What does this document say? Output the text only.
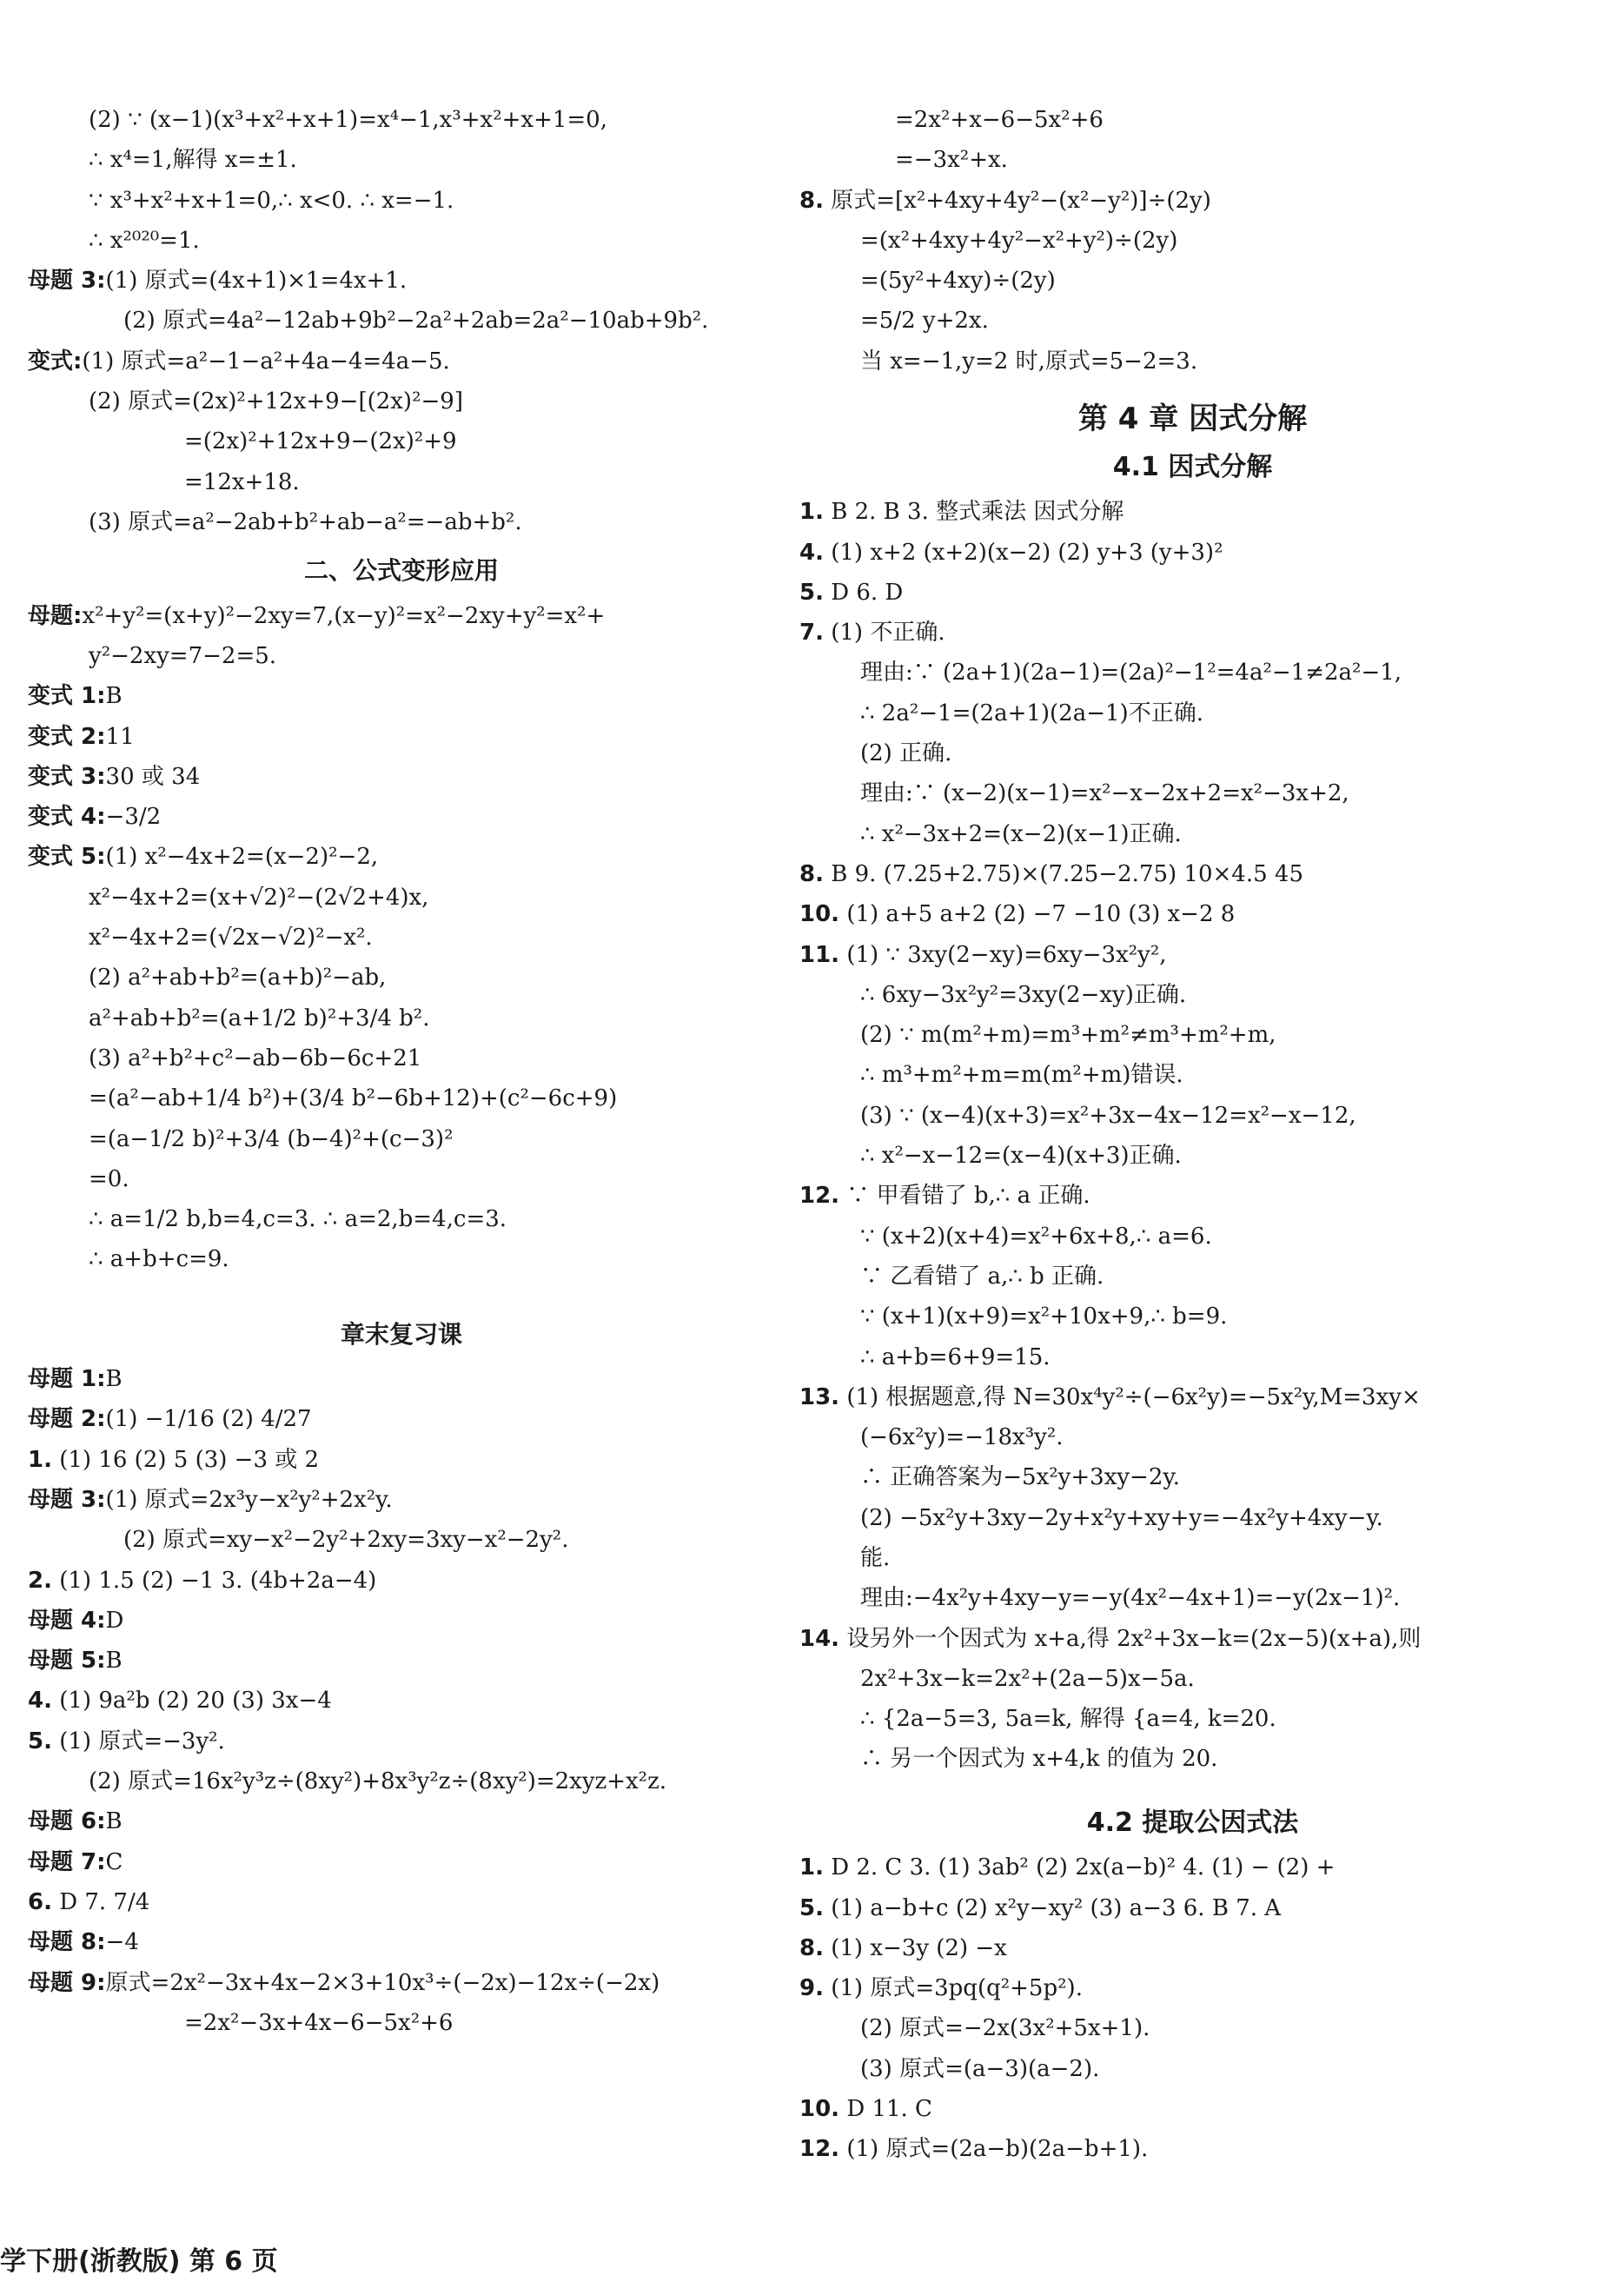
(2) ∵ (x−1)(x³+x²+x+1)=x⁴−1,x³+x²+x+1=0,
∴ x⁴=1,解得 x=±1.
∵ x³+x²+x+1=0,∴ x<0. ∴ x=−1.
∴ x²⁰²⁰=1.
母题 3:(1) 原式=(4x+1)×1=4x+1.
(2) 原式=4a²−12ab+9b²−2a²+2ab=2a²−10ab+9b².
变式:(1) 原式=a²−1−a²+4a−4=4a−5.
(2) 原式=(2x)²+12x+9−[(2x)²−9]
=(2x)²+12x+9−(2x)²+9
=12x+18.
(3) 原式=a²−2ab+b²+ab−a²=−ab+b².
二、公式变形应用
母题:x²+y²=(x+y)²−2xy=7,(x−y)²=x²−2xy+y²=x²+
y²−2xy=7−2=5.
变式 1:B
变式 2:11
变式 3:30 或 34
变式 4:−3/2
变式 5:(1) x²−4x+2=(x−2)²−2,
x²−4x+2=(x+√2)²−(2√2+4)x,
x²−4x+2=(√2x−√2)²−x².
(2) a²+ab+b²=(a+b)²−ab,
a²+ab+b²=(a+1/2 b)²+3/4 b².
(3) a²+b²+c²−ab−6b−6c+21
=(a²−ab+1/4 b²)+(3/4 b²−6b+12)+(c²−6c+9)
=(a−1/2 b)²+3/4 (b−4)²+(c−3)²
=0.
∴ a=1/2 b,b=4,c=3. ∴ a=2,b=4,c=3.
∴ a+b+c=9.
章末复习课
母题 1:B
母题 2:(1) −1/16 (2) 4/27
1. (1) 16 (2) 5 (3) −3 或 2
母题 3:(1) 原式=2x³y−x²y²+2x²y.
(2) 原式=xy−x²−2y²+2xy=3xy−x²−2y².
2. (1) 1.5 (2) −1 3. (4b+2a−4)
母题 4:D
母题 5:B
4. (1) 9a²b (2) 20 (3) 3x−4
5. (1) 原式=−3y².
(2) 原式=16x²y³z÷(8xy²)+8x³y²z÷(8xy²)=2xyz+x²z.
母题 6:B
母题 7:C
6. D 7. 7/4
母题 8:−4
母题 9:原式=2x²−3x+4x−2×3+10x³÷(−2x)−12x÷(−2x)
=2x²−3x+4x−6−5x²+6
=2x²+x−6−5x²+6
=−3x²+x.
8. 原式=[x²+4xy+4y²−(x²−y²)]÷(2y)
=(x²+4xy+4y²−x²+y²)÷(2y)
=(5y²+4xy)÷(2y)
=5/2 y+2x.
当 x=−1,y=2 时,原式=5−2=3.
第 4 章 因式分解
4.1 因式分解
1. B 2. B 3. 整式乘法 因式分解
4. (1) x+2 (x+2)(x−2) (2) y+3 (y+3)²
5. D 6. D
7. (1) 不正确.
理由:∵ (2a+1)(2a−1)=(2a)²−1²=4a²−1≠2a²−1,
∴ 2a²−1=(2a+1)(2a−1)不正确.
(2) 正确.
理由:∵ (x−2)(x−1)=x²−x−2x+2=x²−3x+2,
∴ x²−3x+2=(x−2)(x−1)正确.
8. B 9. (7.25+2.75)×(7.25−2.75) 10×4.5 45
10. (1) a+5 a+2 (2) −7 −10 (3) x−2 8
11. (1) ∵ 3xy(2−xy)=6xy−3x²y²,
∴ 6xy−3x²y²=3xy(2−xy)正确.
(2) ∵ m(m²+m)=m³+m²≠m³+m²+m,
∴ m³+m²+m=m(m²+m)错误.
(3) ∵ (x−4)(x+3)=x²+3x−4x−12=x²−x−12,
∴ x²−x−12=(x−4)(x+3)正确.
12. ∵ 甲看错了 b,∴ a 正确.
∵ (x+2)(x+4)=x²+6x+8,∴ a=6.
∵ 乙看错了 a,∴ b 正确.
∵ (x+1)(x+9)=x²+10x+9,∴ b=9.
∴ a+b=6+9=15.
13. (1) 根据题意,得 N=30x⁴y²÷(−6x²y)=−5x²y,M=3xy×
(−6x²y)=−18x³y².
∴ 正确答案为−5x²y+3xy−2y.
(2) −5x²y+3xy−2y+x²y+xy+y=−4x²y+4xy−y.
能.
理由:−4x²y+4xy−y=−y(4x²−4x+1)=−y(2x−1)².
14. 设另外一个因式为 x+a,得 2x²+3x−k=(2x−5)(x+a),则
2x²+3x−k=2x²+(2a−5)x−5a.
∴ {2a−5=3, 5a=k, 解得 {a=4, k=20.
∴ 另一个因式为 x+4,k 的值为 20.
4.2 提取公因式法
1. D 2. C 3. (1) 3ab² (2) 2x(a−b)² 4. (1) − (2) +
5. (1) a−b+c (2) x²y−xy² (3) a−3 6. B 7. A
8. (1) x−3y (2) −x
9. (1) 原式=3pq(q²+5p²).
(2) 原式=−2x(3x²+5x+1).
(3) 原式=(a−3)(a−2).
10. D 11. C
12. (1) 原式=(2a−b)(2a−b+1).
学下册(浙教版) 第 6 页
